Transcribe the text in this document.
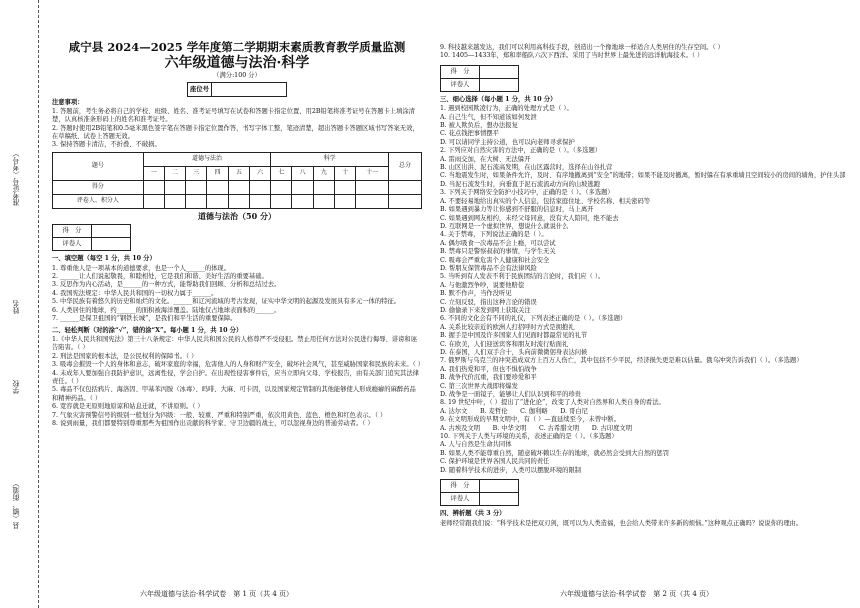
准考证号（考号）
姓名
学校
县（镇、街道）
咸宁县 2024—2025 学年度第二学期期末素质教育教学质量监测
六年级道德与法治·科学
（满分:100 分）
座位号	
注意事项：

1. 答题前，考生务必将自己的学校、班级、姓名、准考证号填写在试卷和答题卡指定位置，用2B铅笔将准考证号在答题卡上填涂清楚，认真核准条形码上的姓名和准考证号。

2. 答题时使用2B铅笔和0.5毫米黑色签字笔在答题卡指定位置作答，书写字体工整，笔迹清楚，超出答题卡答题区域书写答案无效，在草稿纸、试卷上答题无效。

3. 保持答题卡清洁，不折叠、不破损。

题号	道德与法治						科学					总分
	一	二	三	四	五	六	七	八	九	十	十一	
得分												
评卷人、积分人												
道德与法治（50 分）
得　分	
评卷人	
一、填空题（每空 1 分，共 10 分）

1. 尊重他人是一项基本的道德要求，也是一个人______的体现。

2. ______让人们说起敬畏，和睦相处，它是我们和谐、美好生活的重要基础。

3. 反思作为内心活动，是______的一种方式，能帮助我们回顾、分析和总结过去。

4. 我国宪法规定：中华人民共和国的一切权力属于______。

5. 中华民族有着悠久的历史和灿烂的文化。______和辽河流域的考古发现，证实中华文明的起源及发展具有多元一体的特征。

6. 人类居住的地球，约______的面积被海洋覆盖。陆地仅占地球表面积的______。

7. ______是保卫祖国的“钢铁长城”，是我们和平生活的重要保障。

二、轻松判断（对的涂“√”，错的涂“X”。每小题 1 分，共 10 分）

1.《中华人民共和国宪法》第三十八条规定：中华人民共和国公民的人格尊严不受侵犯。禁止用任何方法对公民进行侮辱、诽谤和诬告陷害。（ ）

2. 刑法是国家的根本法，是公民权利的保障书。（ ）

3. 吸毒会摧毁一个人的身体和意志，破坏家庭的幸福，危害他人的人身和财产安全，破坏社会风气，甚至威胁国家和民族的未来。（ ）

4. 未成年人要加强自我防护意识，远离性侵，学会自护。在出现性侵害事件后，应当立即向父母、学校报告，由有关部门追究其法律责任。（ ）

5. 毒品不仅包括鸦片、海洛因、甲基苯丙胺（冰毒）、吗啡、大麻、可卡因，以及国家规定管制的其他能够使人形成瘾癖的麻醉药品和精神药品。（ ）

6. 宽容就是无原则地原谅和姑息迁就，不讲原则。（ ）

7. 气象灾害预警信号的级别一般划分为四级：一般、较重、严重和特别严重，依次用黄色、蓝色、橙色和红色表示。（ ）

8. 说到雨量，我们都要特别尊重那些为祖国作出贡献的科学家、守卫边疆的战士，可以忽视身边的普通劳动者。（ ）

9. 科技越来越发达，我们可以利用高科技手段，创造出一个像地球一样适合人类居住的生存空间。（ ）

10. 1405—1433年，郑和率船队六次下西洋。采用了当时世界上最先进的远洋航海技术。（ ）

得　分	
评卷人	
三、细心选择（每小题 1 分，共 10 分）

1. 遇到校园欺凌行为，正确的处理方式是（ ）。

A. 自己生气，但不知道该如何发泄

B. 被人欺负后，想办法报复

C. 花点钱把事情摆平

D. 可以请同学主持公道，也可以向老师寻求保护

2. 下列应对自然灾害的方法中，正确的是（ ）。（多选题）

A. 雷雨交加，在大树、无法躲开

B. 山区出洪、泥石流高发期，在山区露营时，选择在山谷扎营

C. 当地震发生时，如果条件允许，及时、有序地撤离到“安全”的地带；如果不能及时撤离，暂时躲在有承重墙且空间较小的房间的墙角，护住头部

D. 当泥石流发生时，向垂直于泥石流流动方向的山坡逃跑

3. 下列关于网络安全防护小技巧中，正确的是（ ）。（多选题）

A. 不要轻易地给出真实的个人信息，包括家庭住址、学校名称、相关密码等

B. 如果遇到暴力等让你感到不舒服的信息时，马上离开

C. 如果遇到网友相约，未经父母同意，没有大人陪同，绝不能去

D. 互联网是一个虚拟世界，想说什么就说什么

4. 关于禁毒，下列说法正确的是（ ）。

A. 偶尔吸食一次毒品不会上瘾，可以尝试

B. 禁毒只是警察叔叔的事情，与学生无关

C. 吸毒会严重危害个人健康和社会安全

D. 帮朋友保管毒品不会有法律风险

5. 当听到有人发表不利于民族团结的言论时，我们应（ ）。

A. 与他激烈争吵，说要他赔偿

B. 默不作声，当作没听见

C. 立刻反驳，指出这种言论的错误

D. 偷偷录下来发到网上获取关注

6. 不同的文化会有不同的礼仪，下列表述正确的是（ ）。（多选题）

A. 关系比较亲近的欧洲人打招呼时方式是拥抱礼

B. 握手是中国及许多国家人们见面时都最常见的礼节

C. 在欧美，人们迎送宾客和朋友时流行贴面礼

D. 在泰国，人们双手合十，头向前微微躬身表达问候

7. 俄罗斯与乌克兰的冲突造成双方上百万人伤亡，其中包括不少平民，经济损失更是难以估量。俄乌冲突告诉我们（ ）。（多选题）

A. 我们热爱和平，但也不惧怕战争

B. 战争代价沉重，我们要珍爱和平

C. 第三次世界大战即将爆发

D. 战争是一面镜子，能够让人们认识到和平的珍贵

8. 19 世纪中叶，（ ）提出了“进化论”，改变了人类对自然界和人类自身的看法。

A. 达尔文　　B. 麦哲伦　　C. 伽利略　　D. 哥白尼

9. 在文明形成的早期文明中，有（ ）—直延续至今，未曾中断。

A. 古埃及文明　　B. 中华文明　　C. 古希腊文明　　D. 古印度文明

10. 下列关于人类与环境的关系，表述正确的是（ ）。（多选题）

A. 人与自然是生命共同体

B. 如果人类不能尊重自然，随意破坏赖以生存的地球，就必然会受到大自然的惩罚

C. 保护环境是世界各国人民共同的责任

D. 随着科学技术的进步，人类可以摆脱环境的限制

得　分	
评卷人	
四、辨析题（共 3 分）

老师经常跟我们说：“科学技术是把双刃剑，既可以为人类造福，也会给人类带来许多新的烦恼。”这种观点正确吗？说说你的理由。

六年级道德与法治·科学试卷　第 1 页（共 4 页）	六年级道德与法治·科学试卷　第 2 页（共 4 页）
